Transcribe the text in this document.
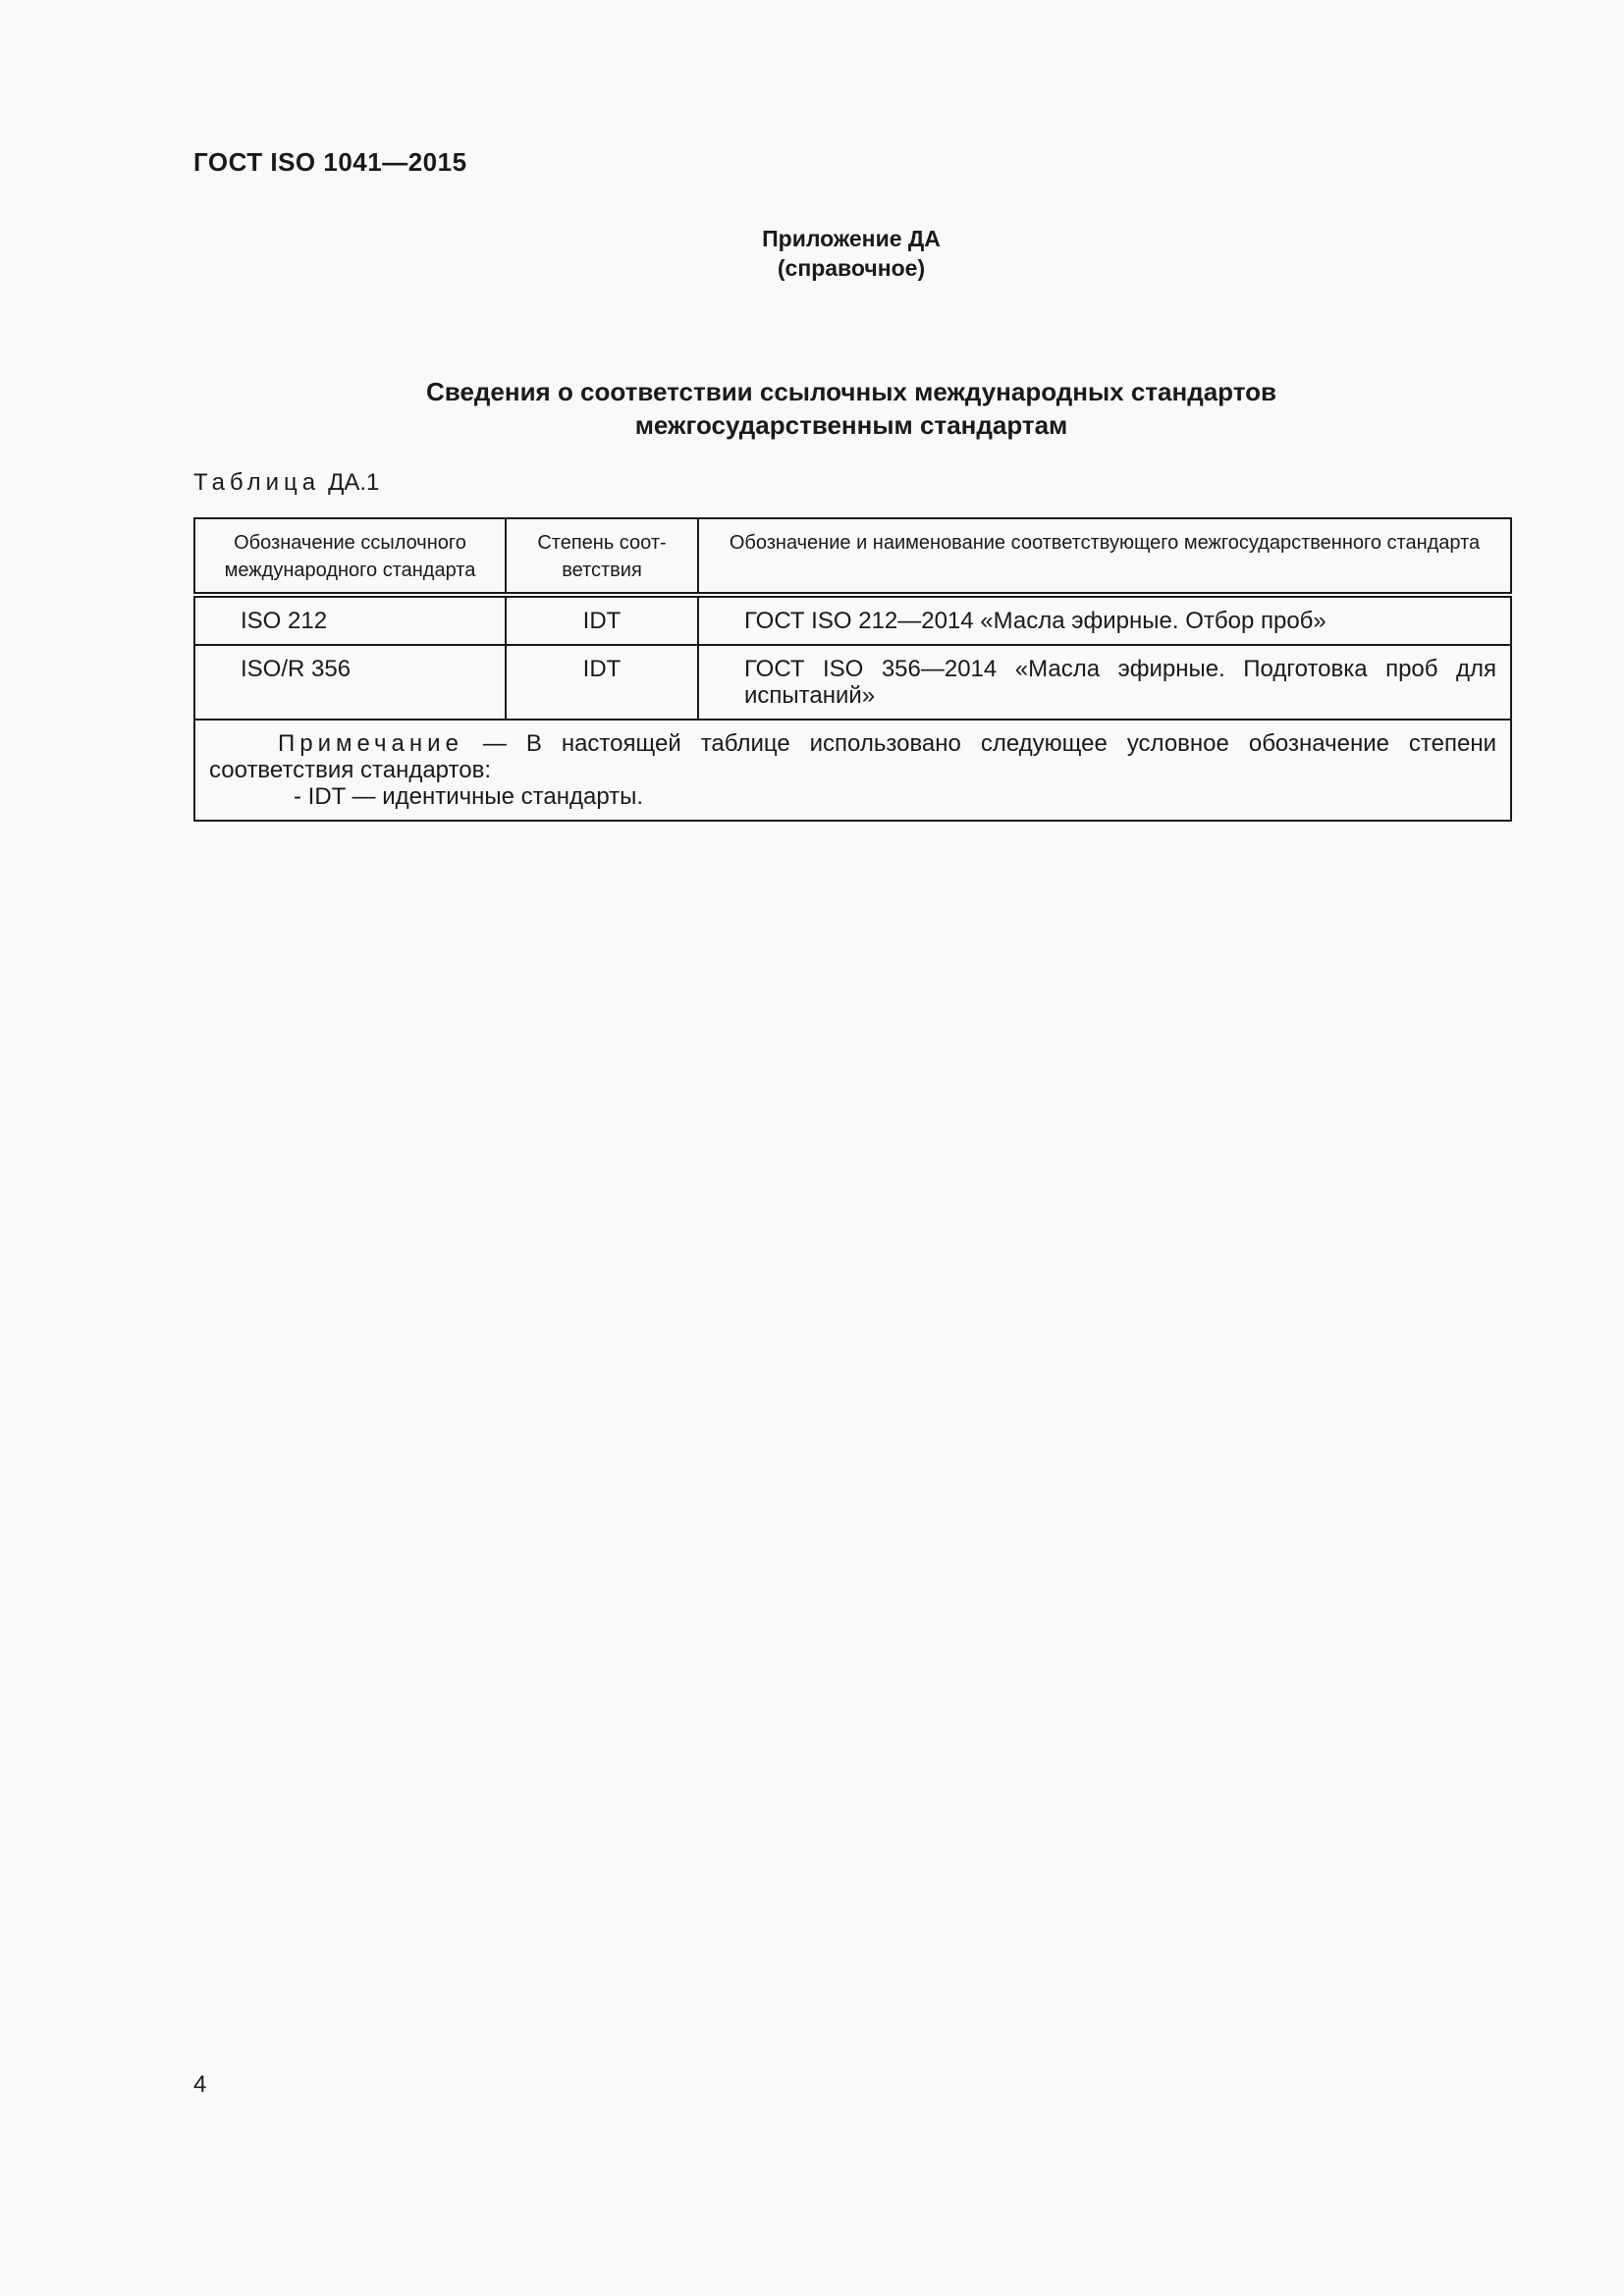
ГОСТ ISO 1041—2015
Приложение ДА
(справочное)
Сведения о соответствии ссылочных международных стандартов
межгосударственным стандартам
Таблица ДА.1
Обозначение ссылочного международного стандарта	Степень соот-ветствия	Обозначение и наименование соответствующего межгосударственного стандарта
ISO 212	IDT	ГОСТ ISO 212—2014 «Масла эфирные. Отбор проб»
ISO/R 356	IDT	ГОСТ ISO 356—2014 «Масла эфирные. Подготовка проб для испытаний»
Примечание — В настоящей таблице использовано следующее условное обозначение степени соответствия стандартов:
- IDT — идентичные стандарты.		
4
